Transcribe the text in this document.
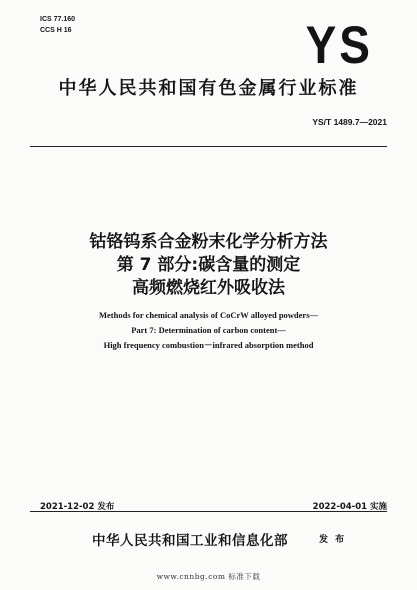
ICS 77.160
CCS H 16	YS
中华人民共和国有色金属行业标准
YS/T 1489.7—2021
钴铬钨系合金粉末化学分析方法
第 7 部分:碳含量的测定
高频燃烧红外吸收法
Methods for chemical analysis of CoCrW alloyed powders—
Part 7: Determination of carbon content—
High frequency combustion－infrared absorption method
2021-12-02 发布	2022-04-01 实施
中华人民共和国工业和信息化部	发 布
www.cnnbg.com 标准下载
